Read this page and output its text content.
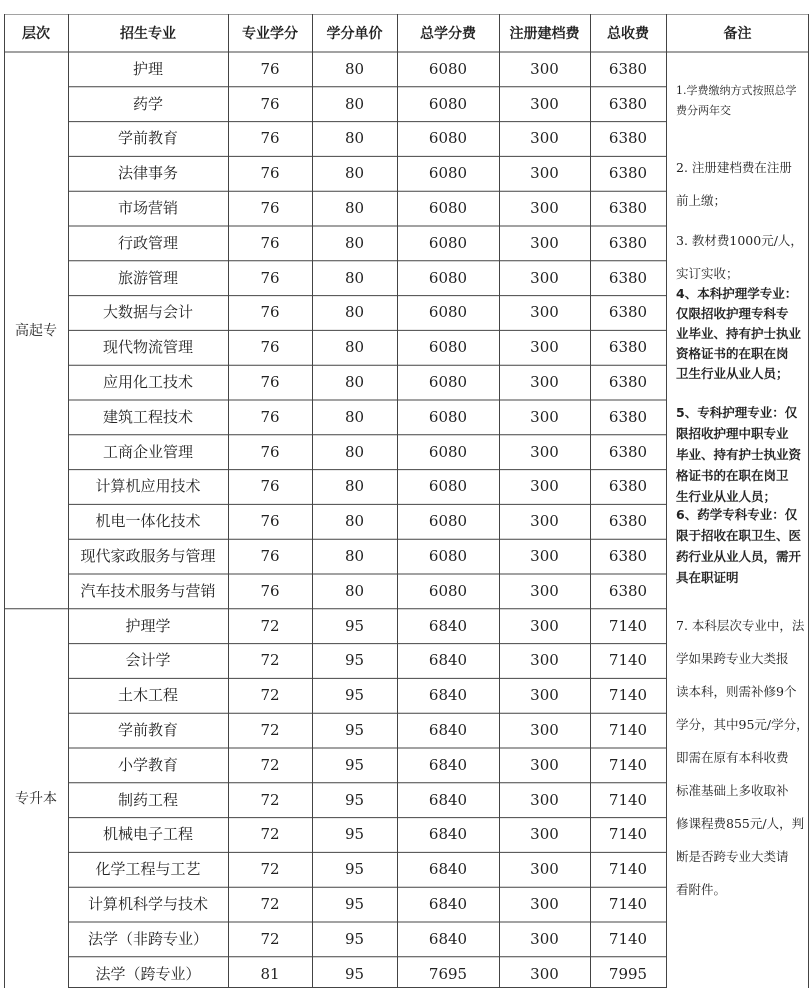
层次	招生专业	专业学分	学分单价	总学分费	注册建档费	总收费	备注
护理	76	80	6080	300	6380
药学	76	80	6080	300	6380
学前教育	76	80	6080	300	6380
法律事务	76	80	6080	300	6380
市场营销	76	80	6080	300	6380
行政管理	76	80	6080	300	6380
旅游管理	76	80	6080	300	6380
大数据与会计	76	80	6080	300	6380
现代物流管理	76	80	6080	300	6380
应用化工技术	76	80	6080	300	6380
建筑工程技术	76	80	6080	300	6380
工商企业管理	76	80	6080	300	6380
计算机应用技术	76	80	6080	300	6380
机电一体化技术	76	80	6080	300	6380
现代家政服务与管理	76	80	6080	300	6380
汽车技术服务与营销	76	80	6080	300	6380
高起专
护理学	72	95	6840	300	7140
会计学	72	95	6840	300	7140
土木工程	72	95	6840	300	7140
学前教育	72	95	6840	300	7140
小学教育	72	95	6840	300	7140
制药工程	72	95	6840	300	7140
机械电子工程	72	95	6840	300	7140
化学工程与工艺	72	95	6840	300	7140
计算机科学与技术	72	95	6840	300	7140
法学（非跨专业）	72	95	6840	300	7140
法学（跨专业）	81	95	7695	300	7995
专升本
1.学费缴纳方式按照总学
费分两年交
2. 注册建档费在注册
前上缴；
3. 教材费1000元/人，
实订实收；
4、本科护理学专业：
仅限招收护理专科专
业毕业、持有护士执业
资格证书的在职在岗
卫生行业从业人员；
5、专科护理专业：仅
限招收护理中职专业
毕业、持有护士执业资
格证书的在职在岗卫
生行业从业人员；
6、药学专科专业：仅
限于招收在职卫生、医
药行业从业人员，需开
具在职证明
7. 本科层次专业中，法
学如果跨专业大类报
读本科，则需补修9个
学分，其中95元/学分，
即需在原有本科收费
标准基础上多收取补
修课程费855元/人，判
断是否跨专业大类请
看附件。
